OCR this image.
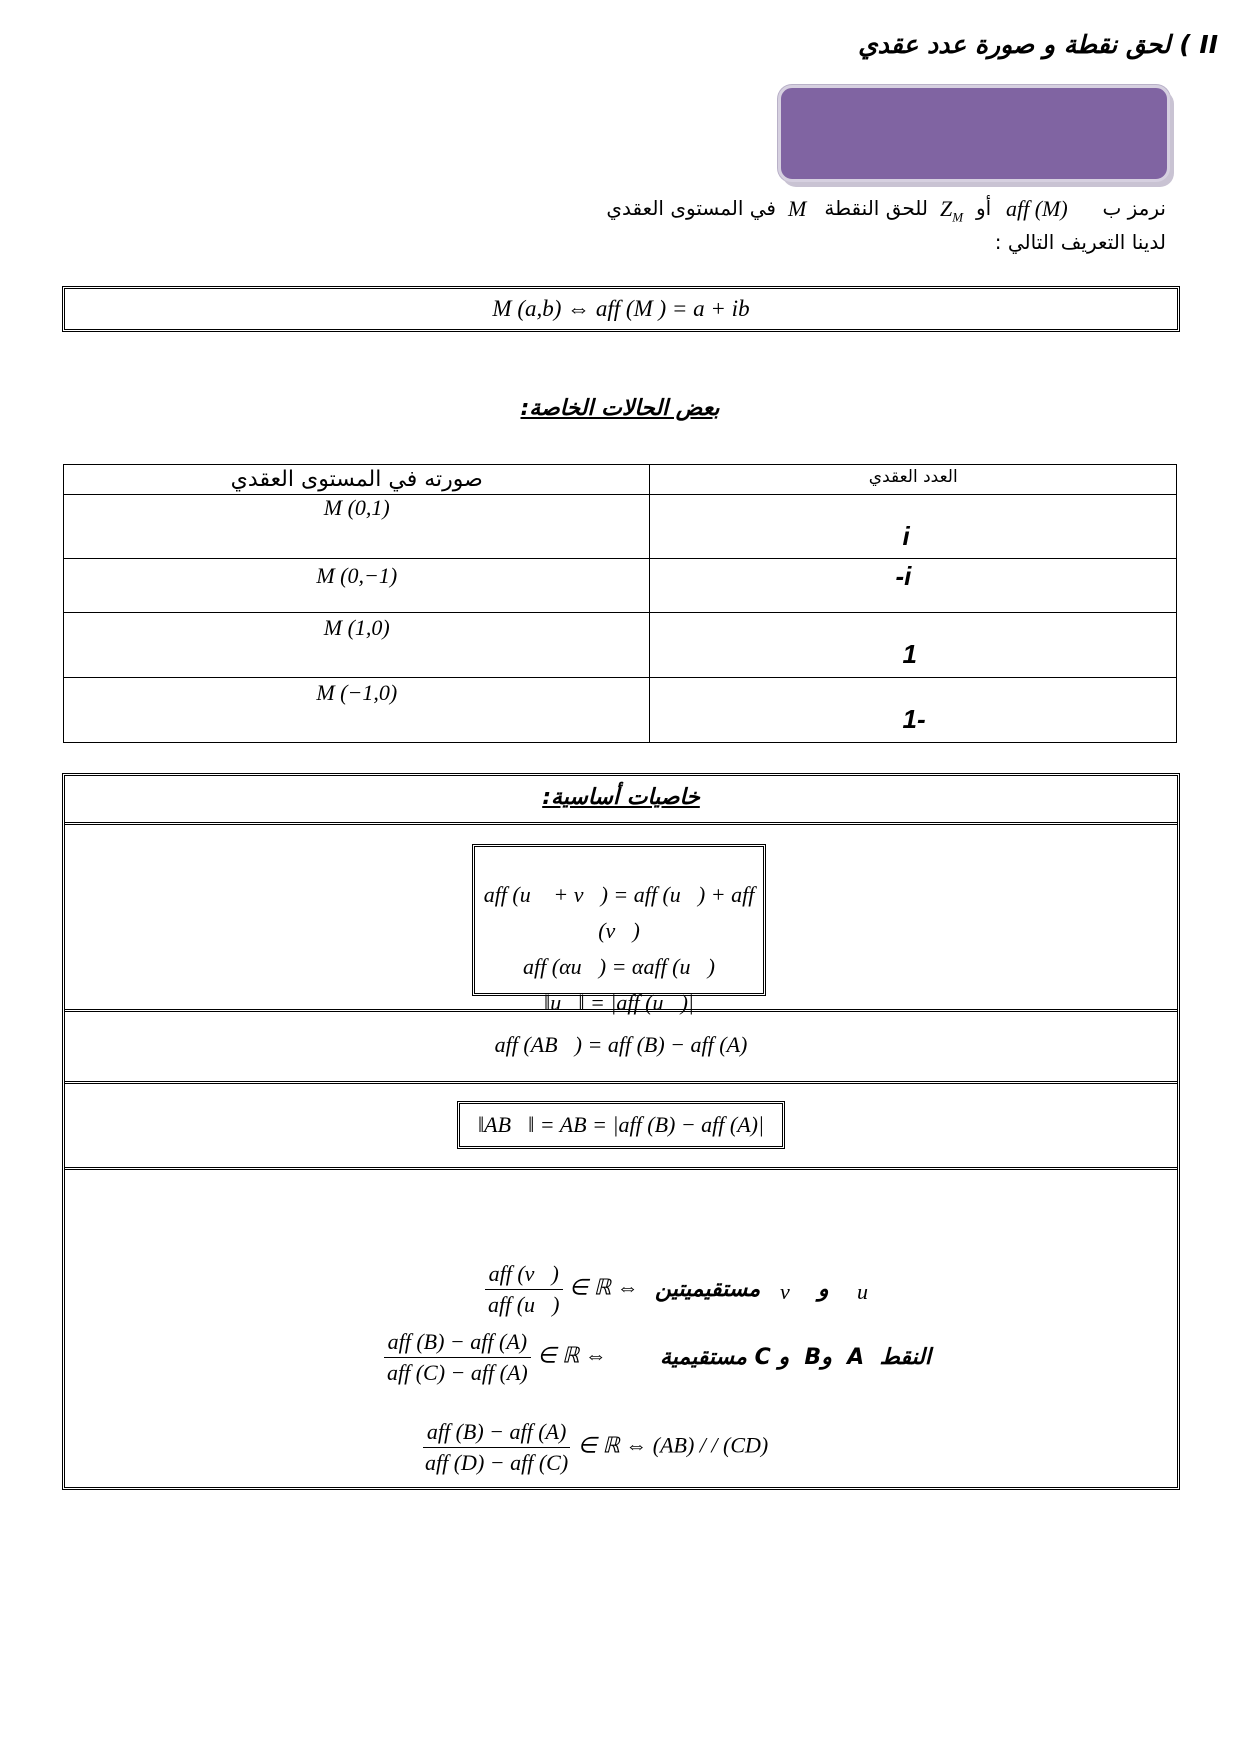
II ) لحق نقطة و صورة عدد عقدي
نرمز ب
aff (M)
أو
$Z_M$
للحق النقطة
M
في المستوى العقدي
لدينا التعريف التالي :
M (a,b) ⇔ aff (M ) = a + ib
بعض الحالات الخاصة:
صورته في المستوى العقدي	العدد العقدي
M (0,1)	i

M (0,−1)	-i

M (1,0)	1

M (−1,0)	1-
خاصيات أساسية:
aff (u⃗ + v⃗) = aff (u⃗) + aff (v⃗)
aff (αu⃗) = αaff (u⃗)
‖u⃗‖ = |aff (u⃗)|
aff (AB⃗) = aff (B) − aff (A)
‖AB⃗‖ = AB = |aff (B) − aff (A)|
$\frac{\text{aff (v⃗)}}{\text{aff (u⃗)}}$ ∈ ℝ ⇔ مستقيميتين	و
v⃗ u⃗
$\frac{\text{aff (B) − aff (A)}}{\text{aff (C) − aff (A)}}$ ∈ ℝ ⇔ النقط  A  وB  و C مستقيمية
$\frac{\text{aff (B) − aff (A)}}{\text{aff (D) − aff (C)}}$ ∈ ℝ ⇔ (AB) / / (CD)
